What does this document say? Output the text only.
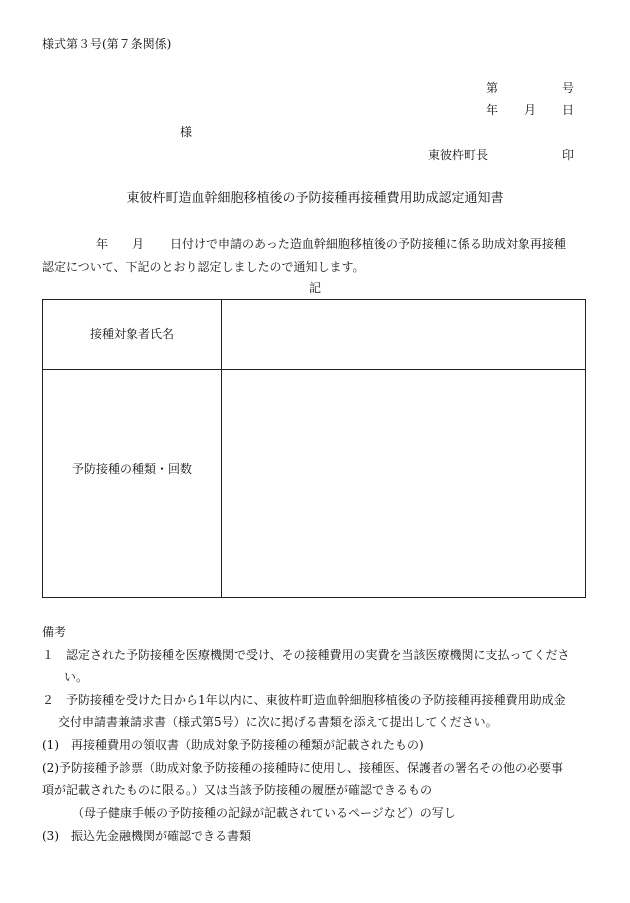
様式第３号(第７条関係)
第	号
年 月 日
様
東彼杵町長	印
東彼杵町造血幹細胞移植後の予防接種再接種費用助成認定通知書
年 月 日付けで申請のあった造血幹細胞移植後の予防接種に係る助成対象再接種
認定について、下記のとおり認定しましたので通知します。
記
接種対象者氏名
予防接種の種類・回数
備考
１　認定された予防接種を医療機関で受け、その接種費用の実費を当該医療機関に支払ってくださ
い。
２　予防接種を受けた日から1年以内に、東彼杵町造血幹細胞移植後の予防接種再接種費用助成金
交付申請書兼請求書（様式第5号）に次に掲げる書類を添えて提出してください。
(1)　再接種費用の領収書（助成対象予防接種の種類が記載されたもの)
(2)予防接種予診票（助成対象予防接種の接種時に使用し、接種医、保護者の署名その他の必要事
項が記載されたものに限る。）又は当該予防接種の履歴が確認できるもの
（母子健康手帳の予防接種の記録が記載されているページなど）の写し
(3)　振込先金融機関が確認できる書類
